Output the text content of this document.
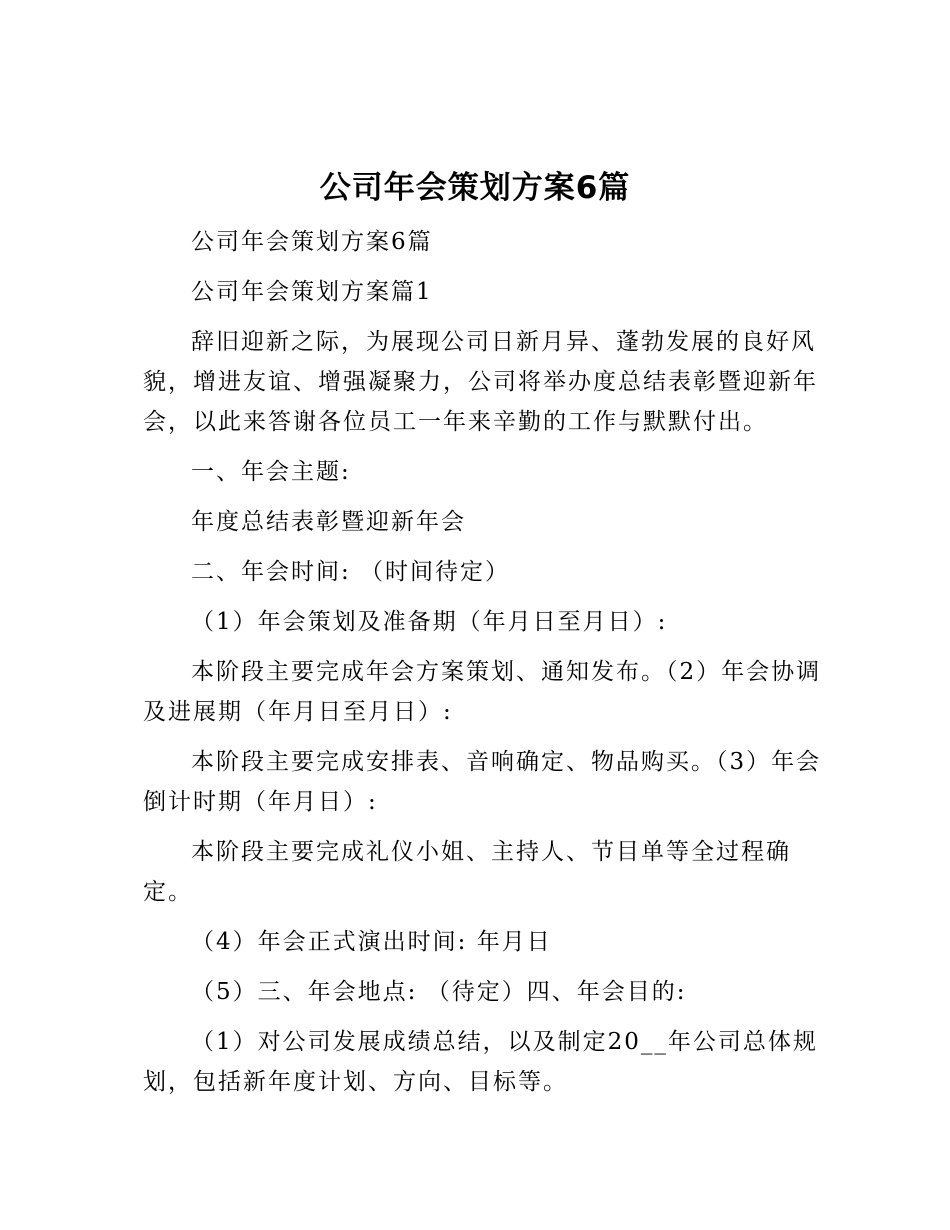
公司年会策划方案6篇

公司年会策划方案6篇

公司年会策划方案篇1

辞旧迎新之际，为展现公司日新月异、蓬勃发展的良好风貌，增进友谊、增强凝聚力，公司将举办度总结表彰暨迎新年会，以此来答谢各位员工一年来辛勤的工作与默默付出。

一、年会主题:

年度总结表彰暨迎新年会

二、年会时间: （时间待定）

（1）年会策划及准备期（年月日至月日）:

本阶段主要完成年会方案策划、通知发布。（2）年会协调及进展期（年月日至月日）:

本阶段主要完成安排表、音响确定、物品购买。（3）年会倒计时期（年月日）:

本阶段主要完成礼仪小姐、主持人、节目单等全过程确定。

（4）年会正式演出时间: 年月日

（5）三、年会地点: （待定）四、年会目的:

（1）对公司发展成绩总结，以及制定20__年公司总体规划，包括新年度计划、方向、目标等。
